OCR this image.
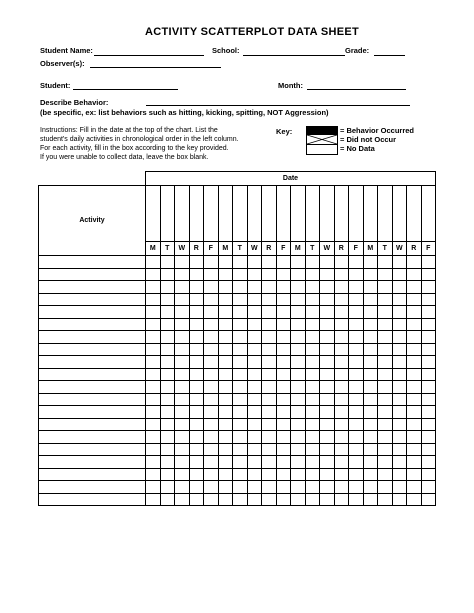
ACTIVITY SCATTERPLOT DATA SHEET
Student Name:	School:	Grade:
Observer(s):
Student:	Month:
Describe Behavior:
(be specific, ex: list behaviors such as hitting, kicking, spitting, NOT Aggression)
Instructions: Fill in the date at the top of the chart. List the
student's daily activities in chronological order in the left column.
For each activity, fill in the box according to the key provided.
If you were unable to collect data, leave the box blank.
Key:	= Behavior Occurred
= Did not Occur
= No Data
	Date																			
Activity																				
	M	T	W	R	F	M	T	W	R	F	M	T	W	R	F	M	T	W	R	F
